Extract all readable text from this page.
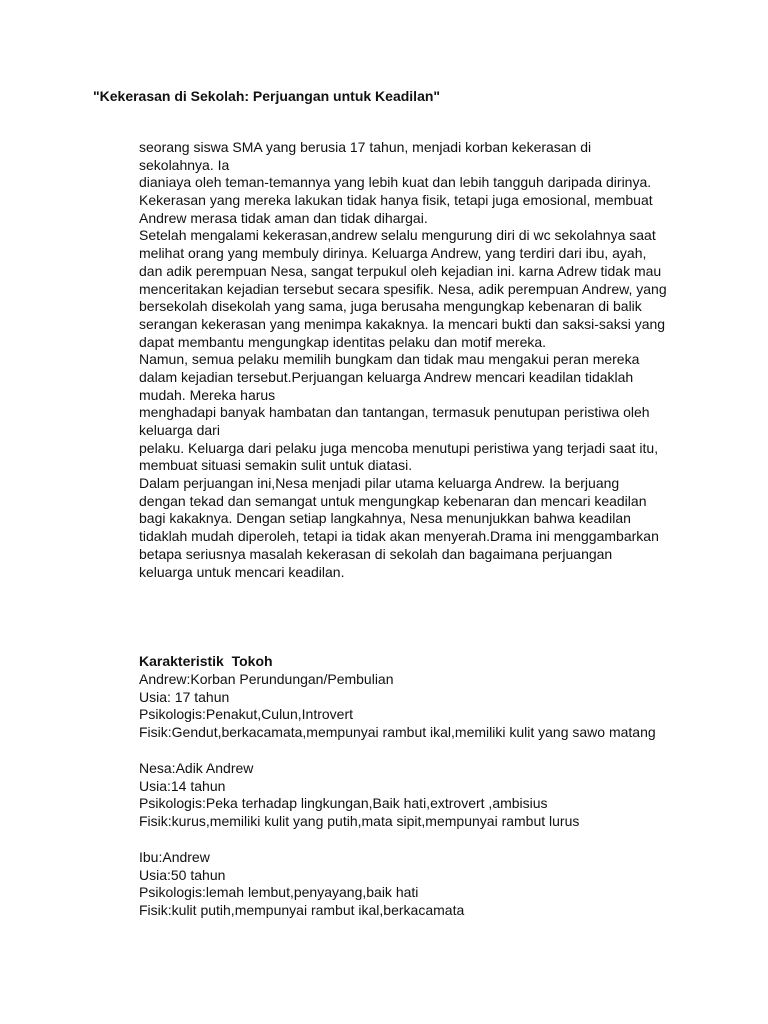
"Kekerasan di Sekolah: Perjuangan untuk Keadilan"
seorang siswa SMA yang berusia 17 tahun, menjadi korban kekerasan di
sekolahnya. Ia
dianiaya oleh teman-temannya yang lebih kuat dan lebih tangguh daripada dirinya.
Kekerasan yang mereka lakukan tidak hanya fisik, tetapi juga emosional, membuat
Andrew merasa tidak aman dan tidak dihargai.
Setelah mengalami kekerasan,andrew selalu mengurung diri di wc sekolahnya saat
melihat orang yang membuly dirinya. Keluarga Andrew, yang terdiri dari ibu, ayah,
dan adik perempuan Nesa, sangat terpukul oleh kejadian ini. karna Adrew tidak mau
menceritakan kejadian tersebut secara spesifik. Nesa, adik perempuan Andrew, yang
bersekolah disekolah yang sama, juga berusaha mengungkap kebenaran di balik
serangan kekerasan yang menimpa kakaknya. Ia mencari bukti dan saksi-saksi yang
dapat membantu mengungkap identitas pelaku dan motif mereka.
Namun, semua pelaku memilih bungkam dan tidak mau mengakui peran mereka
dalam kejadian tersebut.Perjuangan keluarga Andrew mencari keadilan tidaklah
mudah. Mereka harus
menghadapi banyak hambatan dan tantangan, termasuk penutupan peristiwa oleh
keluarga dari
pelaku. Keluarga dari pelaku juga mencoba menutupi peristiwa yang terjadi saat itu,
membuat situasi semakin sulit untuk diatasi.
Dalam perjuangan ini,Nesa menjadi pilar utama keluarga Andrew. Ia berjuang
dengan tekad dan semangat untuk mengungkap kebenaran dan mencari keadilan
bagi kakaknya. Dengan setiap langkahnya, Nesa menunjukkan bahwa keadilan
tidaklah mudah diperoleh, tetapi ia tidak akan menyerah.Drama ini menggambarkan
betapa seriusnya masalah kekerasan di sekolah dan bagaimana perjuangan
keluarga untuk mencari keadilan.
Karakteristik  Tokoh
Andrew:Korban Perundungan/Pembulian
Usia: 17 tahun
Psikologis:Penakut,Culun,Introvert
Fisik:Gendut,berkacamata,mempunyai rambut ikal,memiliki kulit yang sawo matang
Nesa:Adik Andrew
Usia:14 tahun
Psikologis:Peka terhadap lingkungan,Baik hati,extrovert ,ambisius
Fisik:kurus,memiliki kulit yang putih,mata sipit,mempunyai rambut lurus
Ibu:Andrew
Usia:50 tahun
Psikologis:lemah lembut,penyayang,baik hati
Fisik:kulit putih,mempunyai rambut ikal,berkacamata
